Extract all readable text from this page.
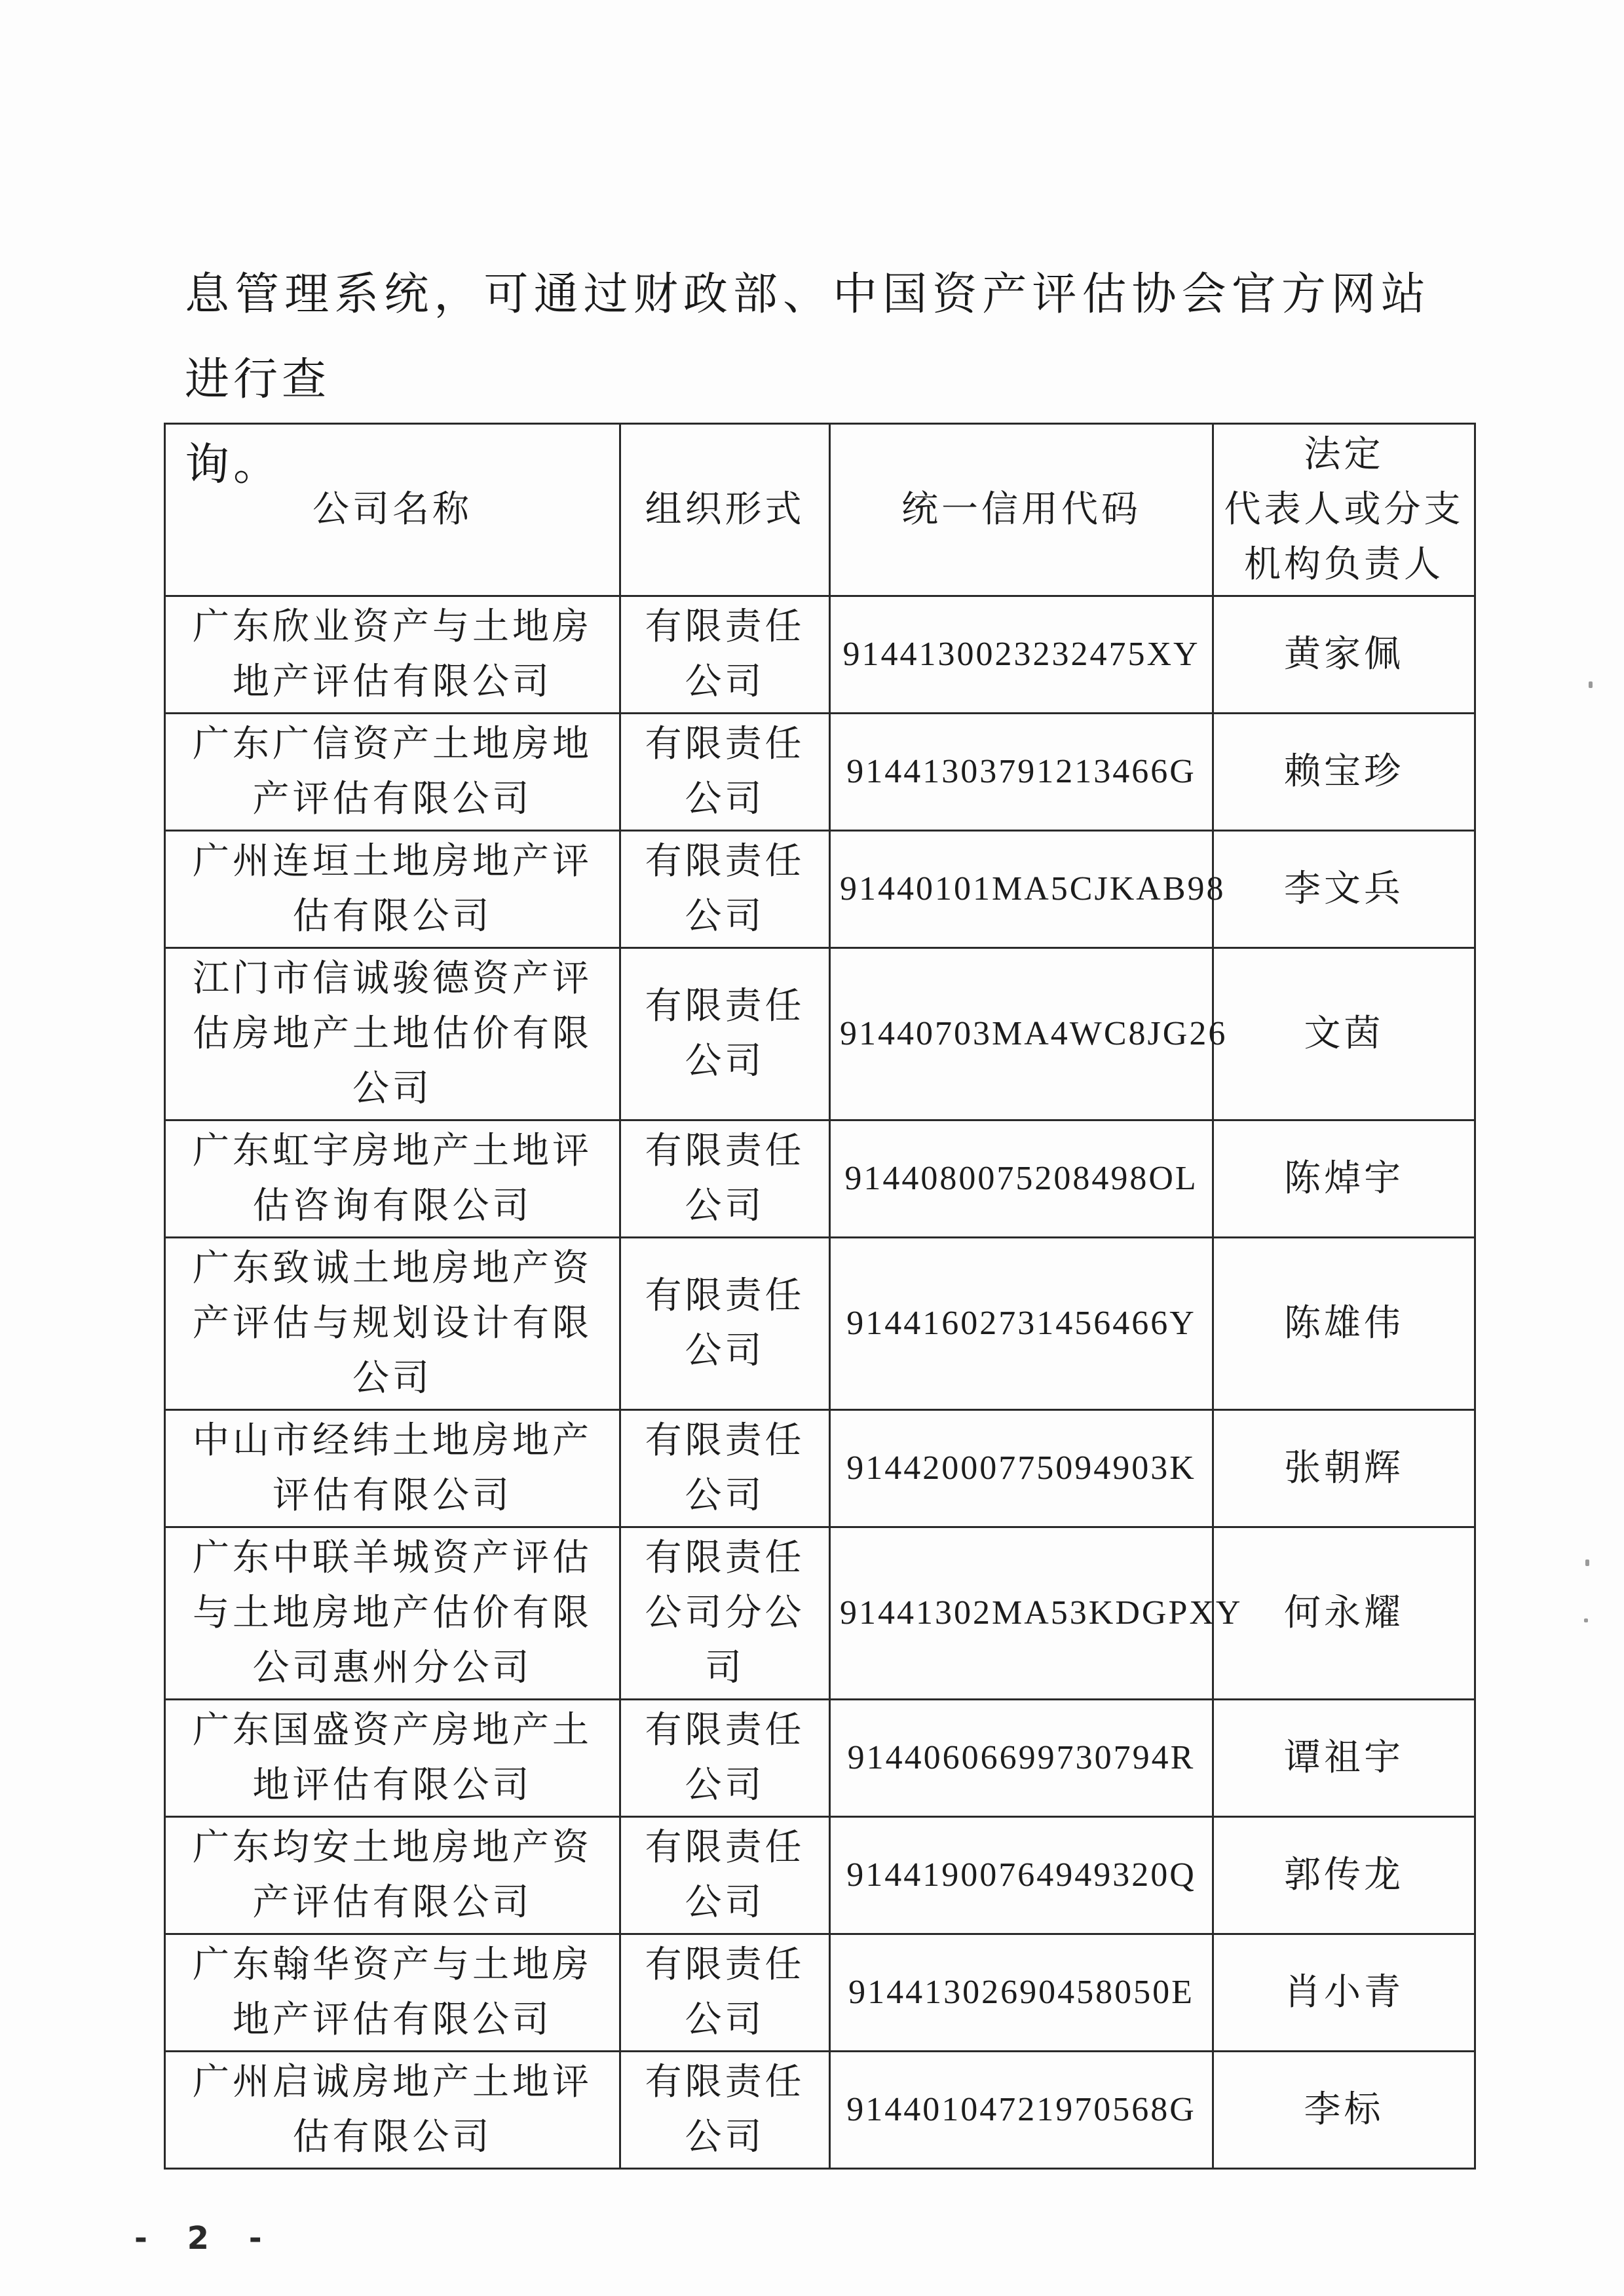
息管理系统，可通过财政部、中国资产评估协会官方网站进行查

询。

公司名称	组织形式	统一信用代码	法定
代表人或分支
机构负责人

广东欣业资产与土地房地产评估有限公司	有限责任公司	9144130023232475XY	黄家佩
广东广信资产土地房地产评估有限公司	有限责任公司	91441303791213466G	赖宝珍
广州连垣土地房地产评估有限公司	有限责任公司	91440101MA5CJKAB98	李文兵
江门市信诚骏德资产评估房地产土地估价有限公司	有限责任公司	91440703MA4WC8JG26	文茵
广东虹宇房地产土地评估咨询有限公司	有限责任公司	9144080075208498OL	陈焯宇
广东致诚土地房地产资产评估与规划设计有限公司	有限责任公司	91441602731456466Y	陈雄伟
中山市经纬土地房地产评估有限公司	有限责任公司	91442000775094903K	张朝辉
广东中联羊城资产评估与土地房地产估价有限公司惠州分公司	有限责任公司分公司	91441302MA53KDGPXY	何永耀
广东国盛资产房地产土地评估有限公司	有限责任公司	91440606699730794R	谭祖宇
广东均安土地房地产资产评估有限公司	有限责任公司	91441900764949320Q	郭传龙
广东翰华资产与土地房地产评估有限公司	有限责任公司	91441302690458050E	肖小青
广州启诚房地产土地评估有限公司	有限责任公司	91440104721970568G	李标
- 2 -
